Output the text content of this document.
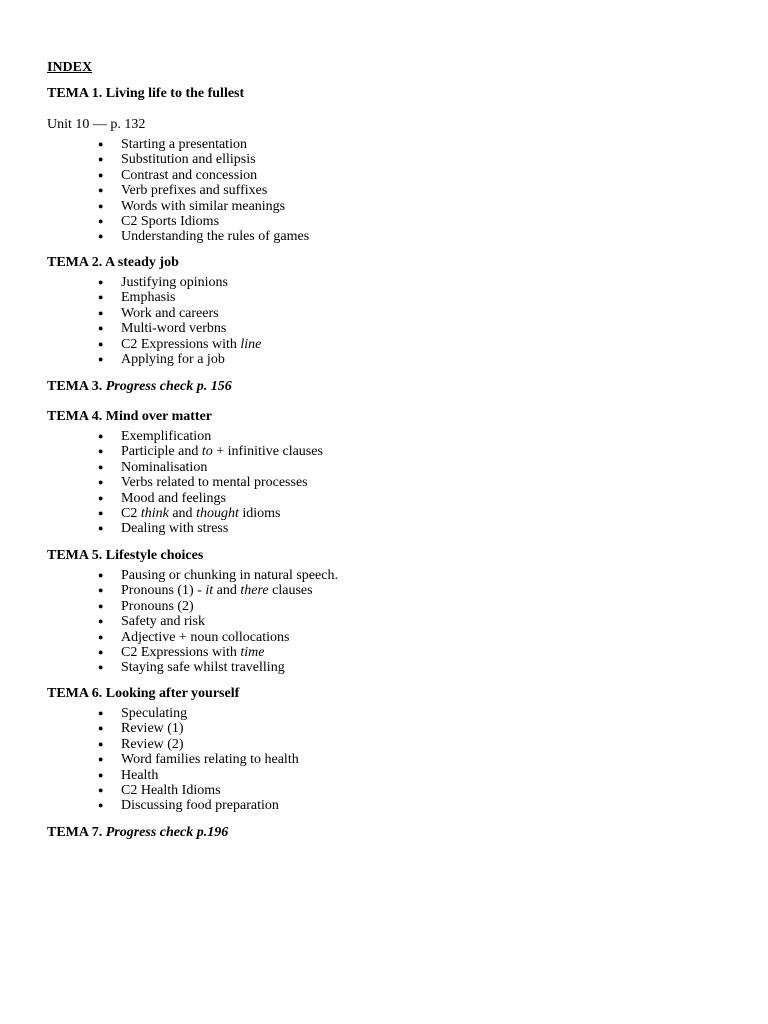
INDEX
TEMA 1. Living life to the fullest
Unit 10 — p. 132
● Starting a presentation
● Substitution and ellipsis
● Contrast and concession
● Verb prefixes and suffixes
● Words with similar meanings
● C2 Sports Idioms
● Understanding the rules of games
TEMA 2. A steady job
● Justifying opinions
● Emphasis
● Work and careers
● Multi-word verbns
● C2 Expressions with line
● Applying for a job
TEMA 3. Progress check p. 156
TEMA 4. Mind over matter
● Exemplification
● Participle and to + infinitive clauses
● Nominalisation
● Verbs related to mental processes
● Mood and feelings
● C2 think and thought idioms
● Dealing with stress
TEMA 5. Lifestyle choices
● Pausing or chunking in natural speech.
● Pronouns (1) - it and there clauses
● Pronouns (2)
● Safety and risk
● Adjective + noun collocations
● C2 Expressions with time
● Staying safe whilst travelling
TEMA 6. Looking after yourself
● Speculating
● Review (1)
● Review (2)
● Word families relating to health
● Health
● C2 Health Idioms
● Discussing food preparation
TEMA 7. Progress check p.196
